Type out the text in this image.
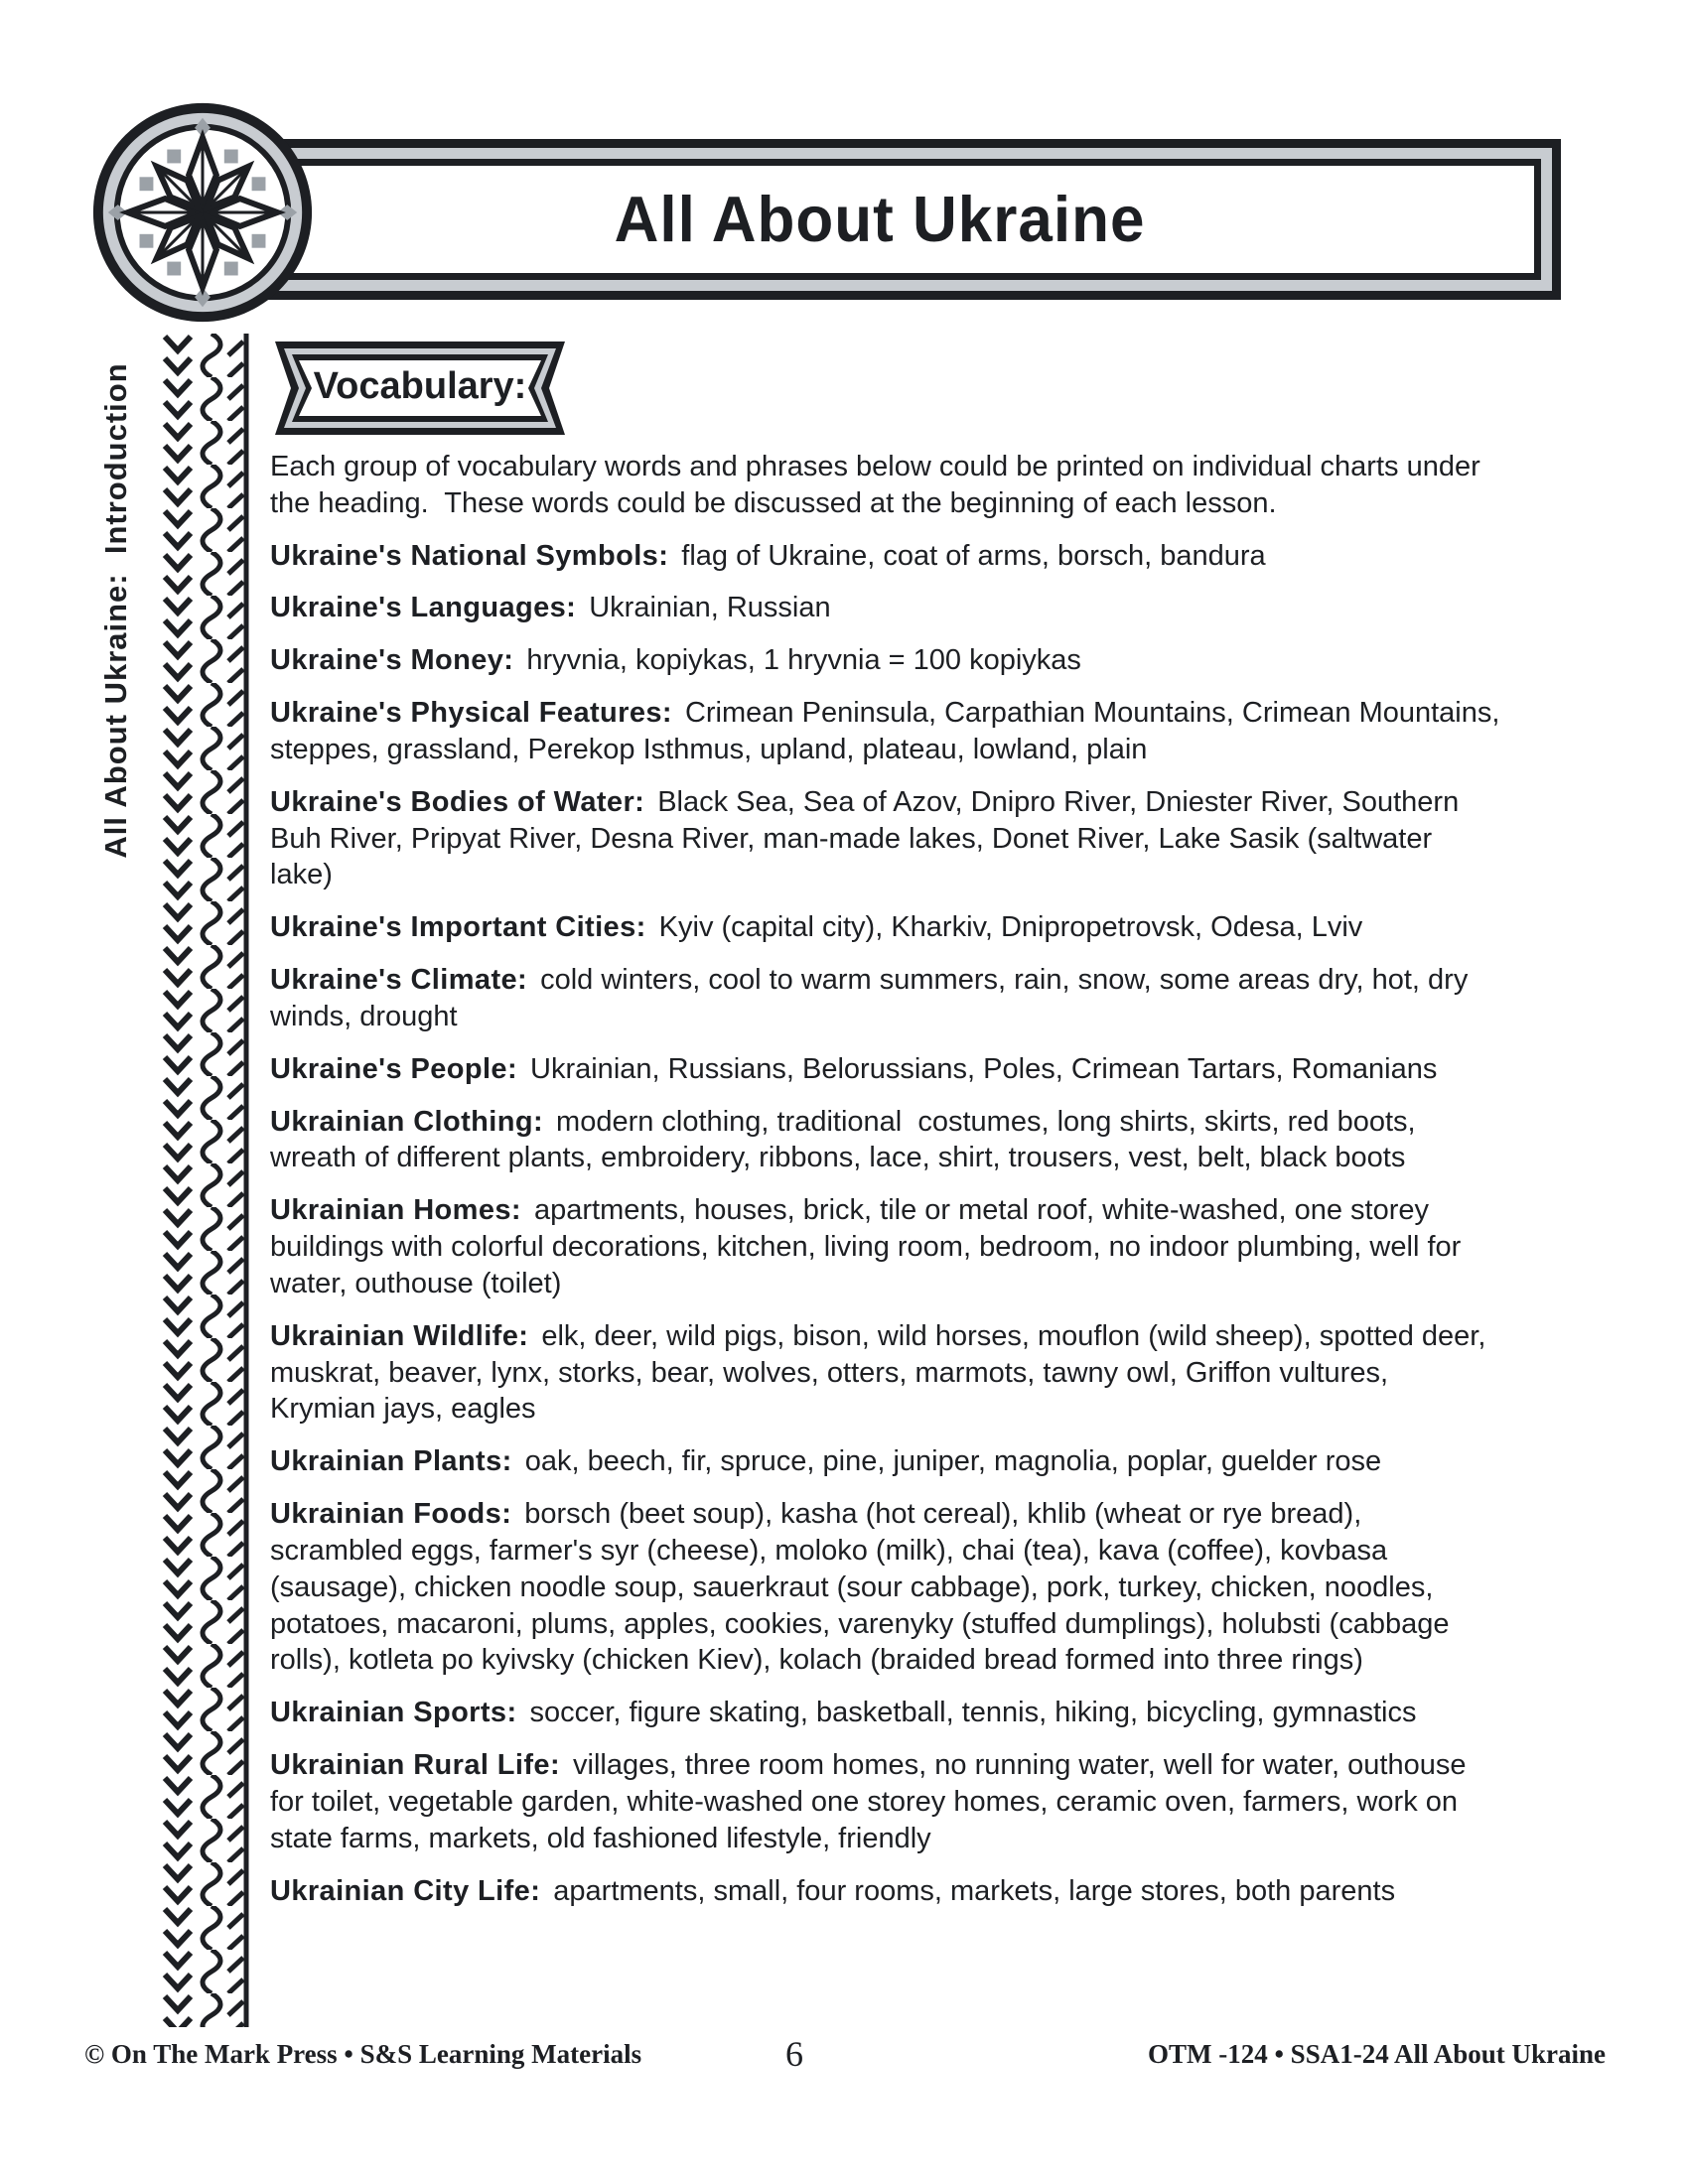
All About Ukraine
All About Ukraine:  Introduction	Vocabulary:

Each group of vocabulary words and phrases below could be printed on individual charts under the heading.  These words could be discussed at the beginning of each lesson.

Ukraine's National Symbols: flag of Ukraine, coat of arms, borsch, bandura

Ukraine's Languages: Ukrainian, Russian

Ukraine's Money: hryvnia, kopiykas, 1 hryvnia = 100 kopiykas

Ukraine's Physical Features: Crimean Peninsula, Carpathian Mountains, Crimean Mountains, steppes, grassland, Perekop Isthmus, upland, plateau, lowland, plain

Ukraine's Bodies of Water: Black Sea, Sea of Azov, Dnipro River, Dniester River, Southern Buh River, Pripyat River, Desna River, man-made lakes, Donet River, Lake Sasik (saltwater lake)

Ukraine's Important Cities: Kyiv (capital city), Kharkiv, Dnipropetrovsk, Odesa, Lviv

Ukraine's Climate: cold winters, cool to warm summers, rain, snow, some areas dry, hot, dry winds, drought

Ukraine's People: Ukrainian, Russians, Belorussians, Poles, Crimean Tartars, Romanians

Ukrainian Clothing: modern clothing, traditional  costumes, long shirts, skirts, red boots, wreath of different plants, embroidery, ribbons, lace, shirt, trousers, vest, belt, black boots

Ukrainian Homes: apartments, houses, brick, tile or metal roof, white-washed, one storey buildings with colorful decorations, kitchen, living room, bedroom, no indoor plumbing, well for water, outhouse (toilet)

Ukrainian Wildlife: elk, deer, wild pigs, bison, wild horses, mouflon (wild sheep), spotted deer, muskrat, beaver, lynx, storks, bear, wolves, otters, marmots, tawny owl, Griffon vultures, Krymian jays, eagles

Ukrainian Plants: oak, beech, fir, spruce, pine, juniper, magnolia, poplar, guelder rose

Ukrainian Foods: borsch (beet soup), kasha (hot cereal), khlib (wheat or rye bread), scrambled eggs, farmer's syr (cheese), moloko (milk), chai (tea), kava (coffee), kovbasa (sausage), chicken noodle soup, sauerkraut (sour cabbage), pork, turkey, chicken, noodles, potatoes, macaroni, plums, apples, cookies, varenyky (stuffed dumplings), holubsti (cabbage rolls), kotleta po kyivsky (chicken Kiev), kolach (braided bread formed into three rings)

Ukrainian Sports: soccer, figure skating, basketball, tennis, hiking, bicycling, gymnastics

Ukrainian Rural Life: villages, three room homes, no running water, well for water, outhouse for toilet, vegetable garden, white-washed one storey homes, ceramic oven, farmers, work on state farms, markets, old fashioned lifestyle, friendly

Ukrainian City Life: apartments, small, four rooms, markets, large stores, both parents

© On The Mark Press • S&S Learning Materials	6	OTM -124 • SSA1-24 All About Ukraine
